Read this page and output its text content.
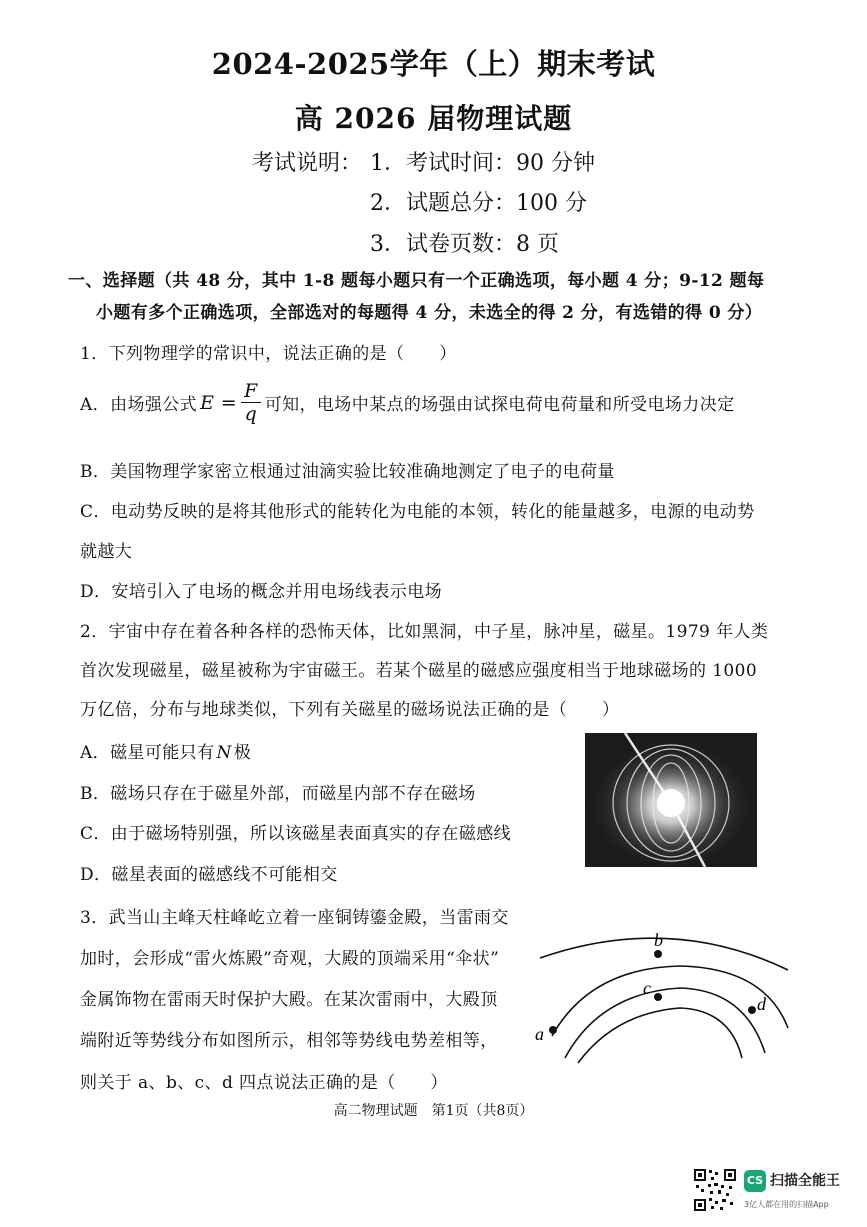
2024-2025学年（上）期末考试
高 2026 届物理试题
考试说明： 1．考试时间：90 分钟
2．试题总分：100 分
3．试卷页数：8 页
一、选择题（共 48 分，其中 1-8 题每小题只有一个正确选项，每小题 4 分；9-12 题每
小题有多个正确选项，全部选对的每题得 4 分，未选全的得 2 分，有选错的得 0 分）
1．下列物理学的常识中，说法正确的是（　　）
A．由场强公式 $E = \frac{F}{q}$ 可知，电场中某点的场强由试探电荷电荷量和所受电场力决定
B．美国物理学家密立根通过油滴实验比较准确地测定了电子的电荷量
C．电动势反映的是将其他形式的能转化为电能的本领，转化的能量越多，电源的电动势
就越大
D．安培引入了电场的概念并用电场线表示电场
2．宇宙中存在着各种各样的恐怖天体，比如黑洞，中子星，脉冲星，磁星。1979 年人类
首次发现磁星，磁星被称为宇宙磁王。若某个磁星的磁感应强度相当于地球磁场的 1000
万亿倍，分布与地球类似，下列有关磁星的磁场说法正确的是（　　）
A．磁星可能只有 N 极
B．磁场只存在于磁星外部，而磁星内部不存在磁场
C．由于磁场特别强，所以该磁星表面真实的存在磁感线
D．磁星表面的磁感线不可能相交
3．武当山主峰天柱峰屹立着一座铜铸鎏金殿，当雷雨交
加时，会形成“雷火炼殿”奇观，大殿的顶端采用“伞状”
金属饰物在雷雨天时保护大殿。在某次雷雨中，大殿顶
端附近等势线分布如图所示，相邻等势线电势差相等，
则关于 a、b、c、d 四点说法正确的是（　　）
b
c
d
a
高二物理试题　第1页（共8页）
CS 扫描全能王
3亿人都在用的扫描App
